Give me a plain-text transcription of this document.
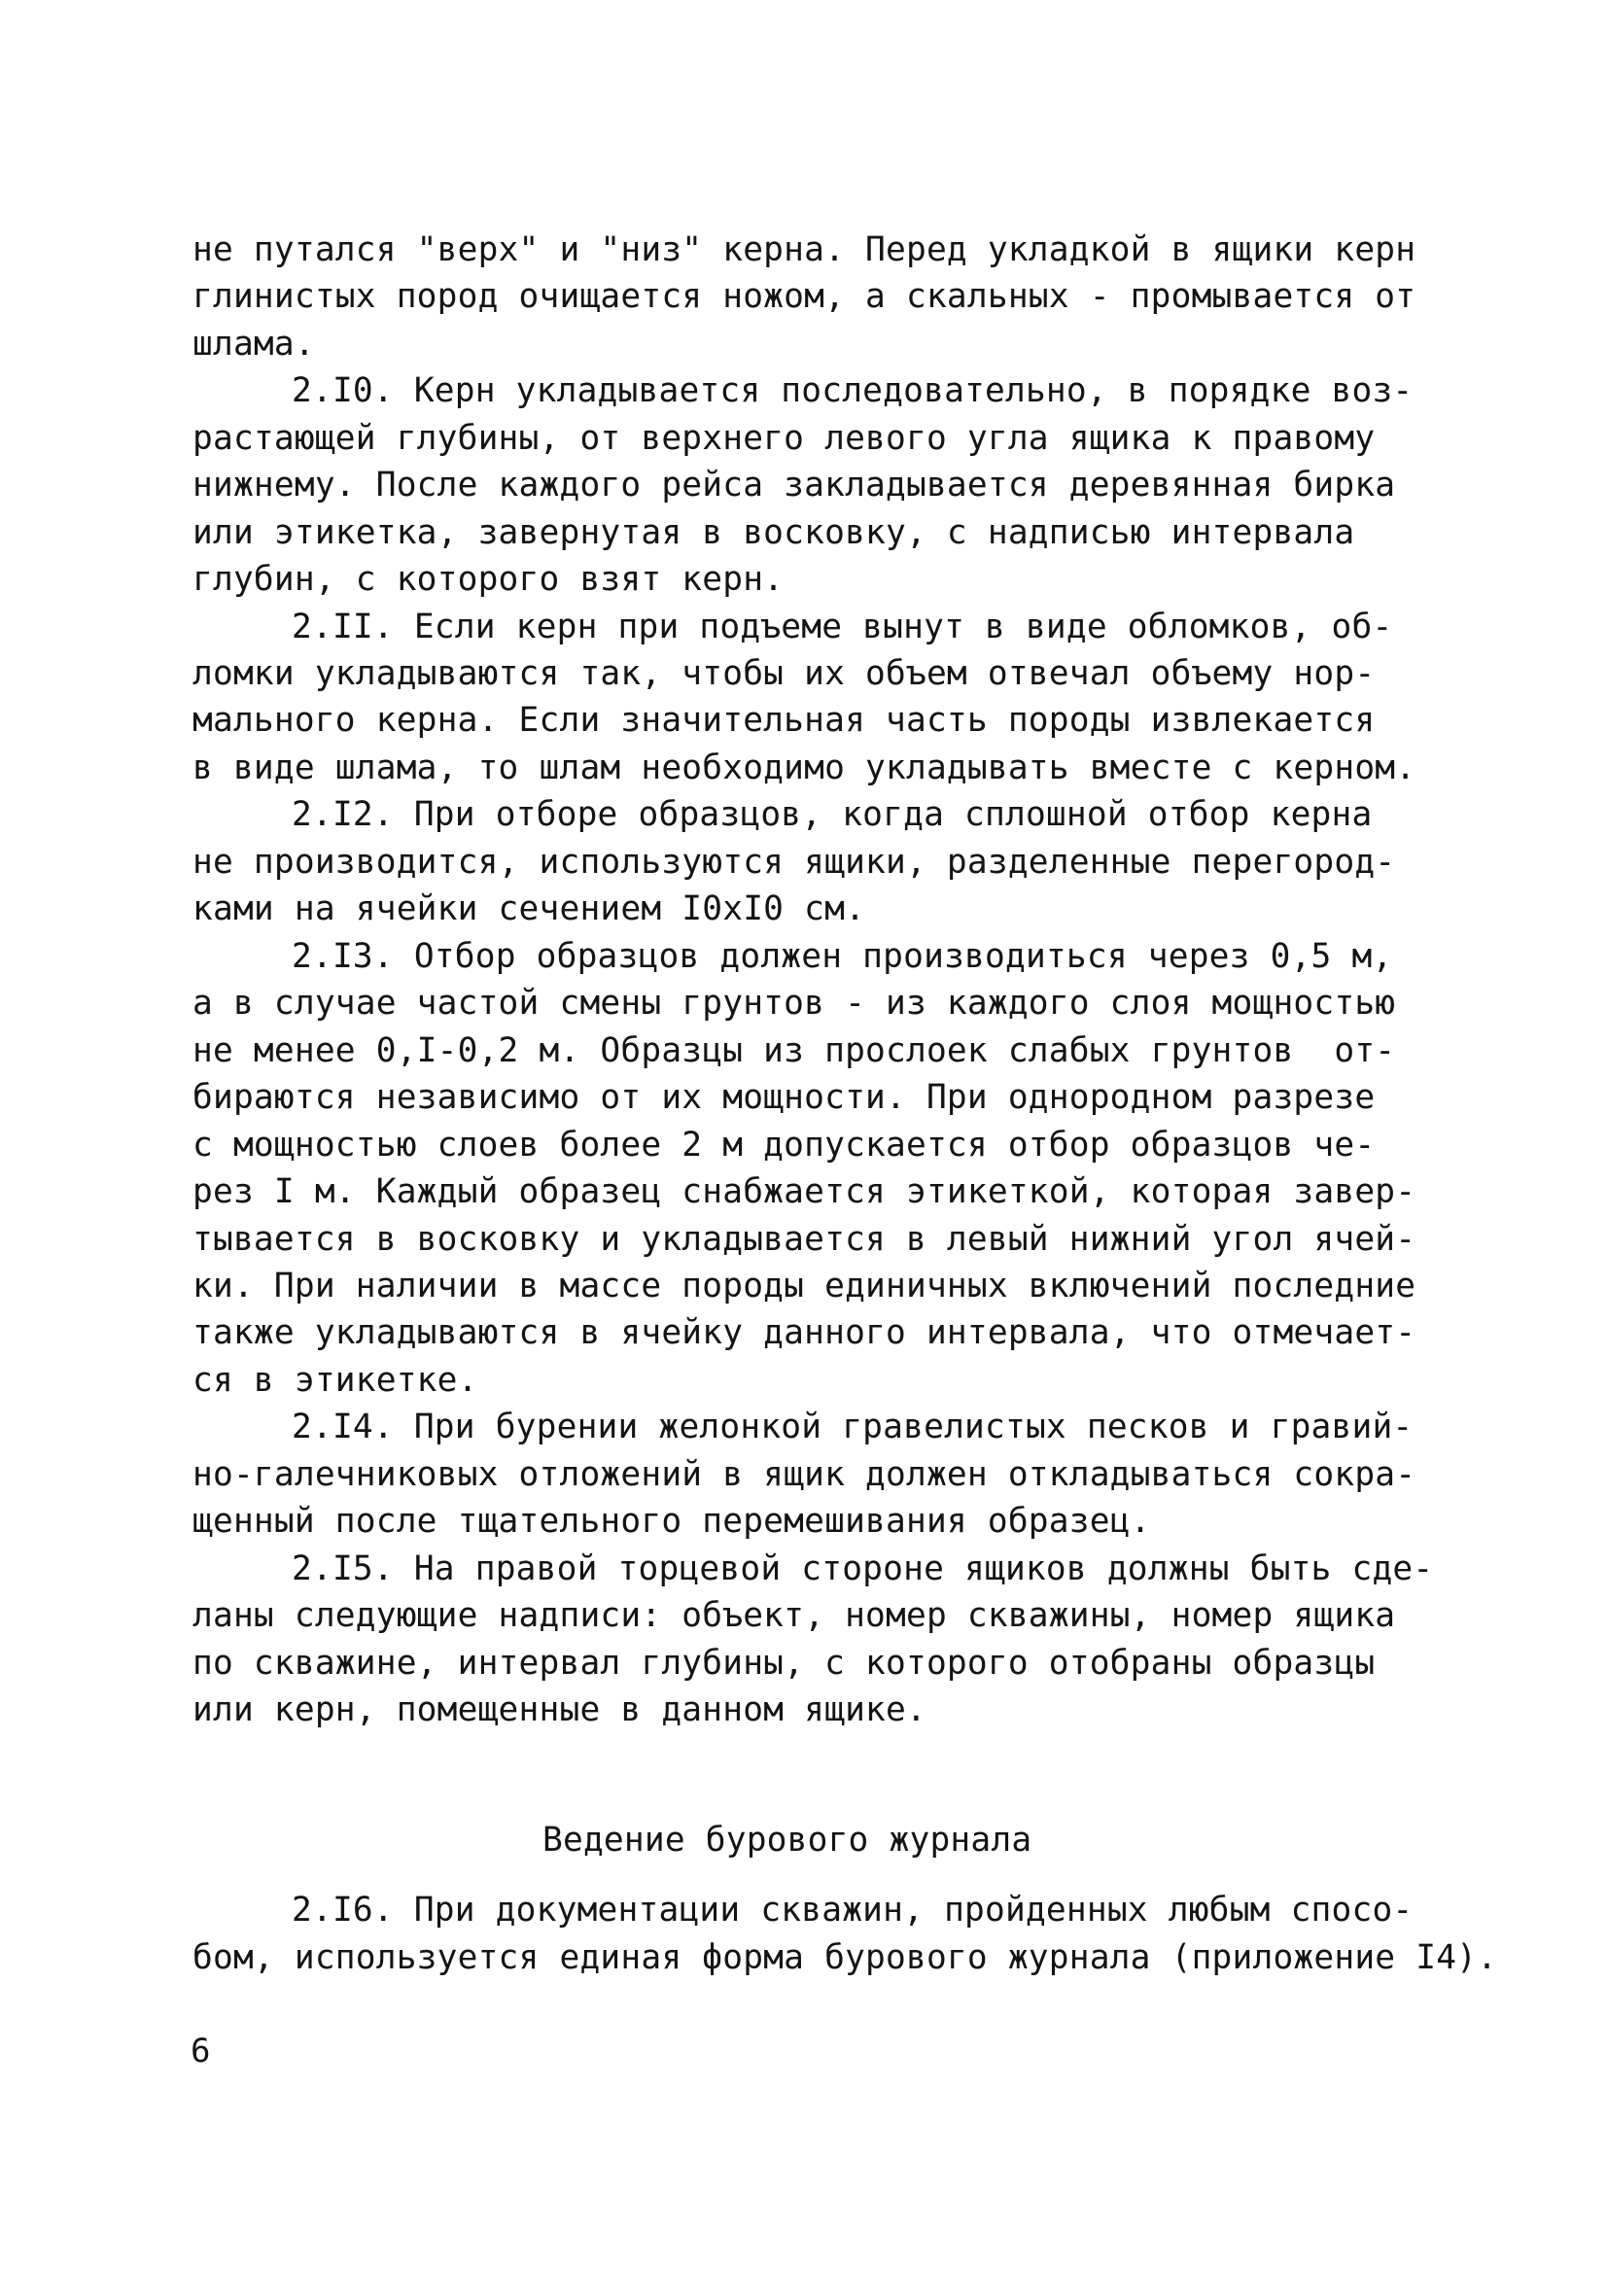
не путался "верх" и "низ" керна. Перед укладкой в ящики керн
глинистых пород очищается ножом, а скальных - промывается от
шлама.
2.I0. Керн укладывается последовательно, в порядке воз-
растающей глубины, от верхнего левого угла ящика к правому
нижнему. После каждого рейса закладывается деревянная бирка
или этикетка, завернутая в восковку, с надписью интервала
глубин, с которого взят керн.
2.II. Если керн при подъеме вынут в виде обломков, об-
ломки укладываются так, чтобы их объем отвечал объему нор-
мального керна. Если значительная часть породы извлекается
в виде шлама, то шлам необходимо укладывать вместе с керном.
2.I2. При отборе образцов, когда сплошной отбор керна
не производится, используются ящики, разделенные перегород-
ками на ячейки сечением I0хI0 см.
2.I3. Отбор образцов должен производиться через 0,5 м,
а в случае частой смены грунтов - из каждого слоя мощностью
не менее 0,I-0,2 м. Образцы из прослоек слабых грунтов  от-
бираются независимо от их мощности. При однородном разрезе
с мощностью слоев более 2 м допускается отбор образцов че-
рез I м. Каждый образец снабжается этикеткой, которая завер-
тывается в восковку и укладывается в левый нижний угол ячей-
ки. При наличии в массе породы единичных включений последние
также укладываются в ячейку данного интервала, что отмечает-
ся в этикетке.
2.I4. При бурении желонкой гравелистых песков и гравий-
но-галечниковых отложений в ящик должен откладываться сокра-
щенный после тщательного перемешивания образец.
2.I5. На правой торцевой стороне ящиков должны быть сде-
ланы следующие надписи: объект, номер скважины, номер ящика
по скважине, интервал глубины, с которого отобраны образцы
или керн, помещенные в данном ящике.
Ведение бурового журнала
2.I6. При документации скважин, пройденных любым спосо-
бом, используется единая форма бурового журнала (приложение I4).
6
